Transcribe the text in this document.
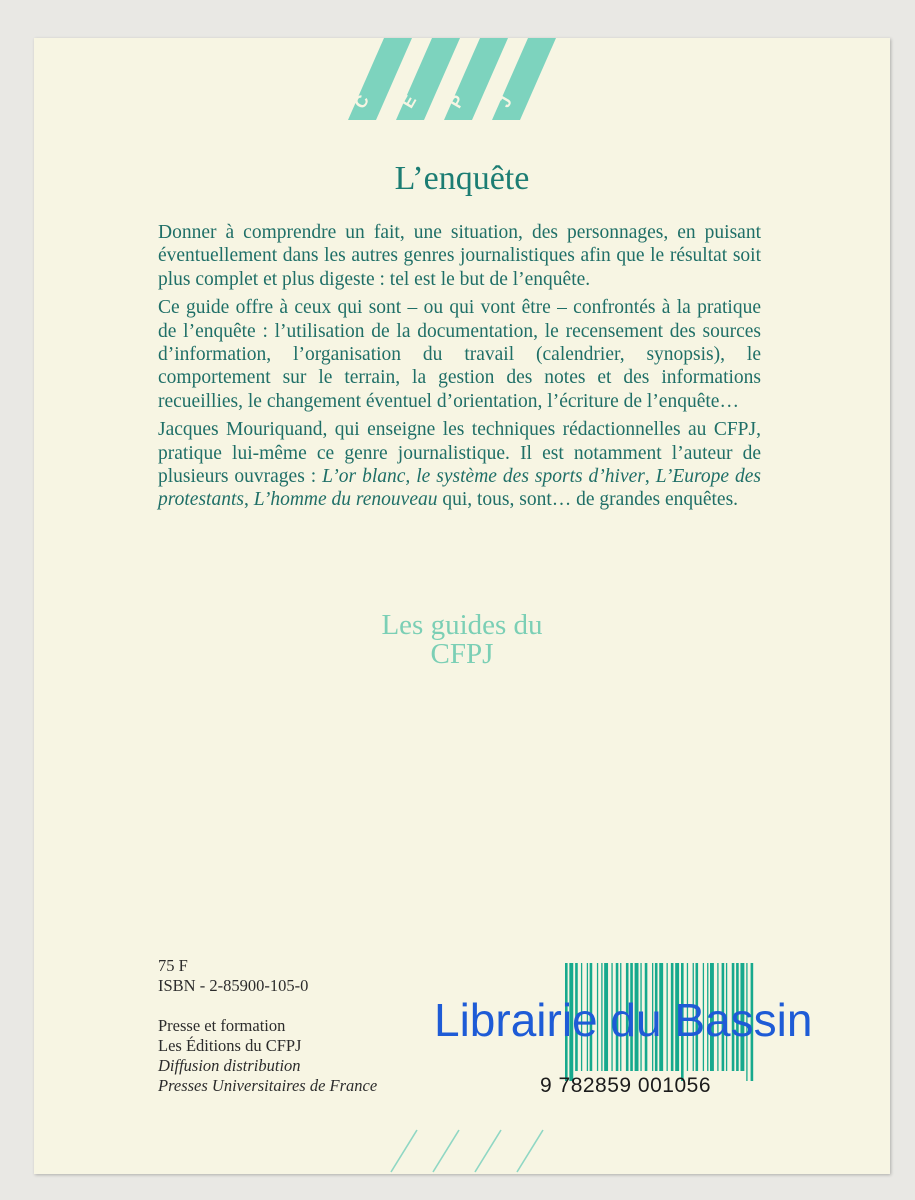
C E P J
L’enquête

Donner à comprendre un fait, une situation, des personnages, en puisant éventuellement dans les autres genres journalistiques afin que le résultat soit plus complet et plus digeste : tel est le but de l’enquête.

Ce guide offre à ceux qui sont – ou qui vont être – confrontés à la pratique de l’enquête : l’utilisation de la documentation, le recensement des sources d’information, l’organisation du travail (calendrier, synopsis), le comportement sur le terrain, la gestion des notes et des informations recueillies, le changement éventuel d’orientation, l’écriture de l’enquête…

Jacques Mouriquand, qui enseigne les techniques rédactionnelles au CFPJ, pratique lui-même ce genre journalistique. Il est notamment l’auteur de plusieurs ouvrages : L’or blanc, le système des sports d’hiver, L’Europe des protestants, L’homme du renouveau qui, tous, sont… de grandes enquêtes.

Les guides du
CFPJ
75 F
ISBN - 2-85900-105-0
Presse et formation
Les Éditions du CFPJ
Diffusion distribution
Presses Universitaires de France	9 782859 001056
Librairie du Bassin
